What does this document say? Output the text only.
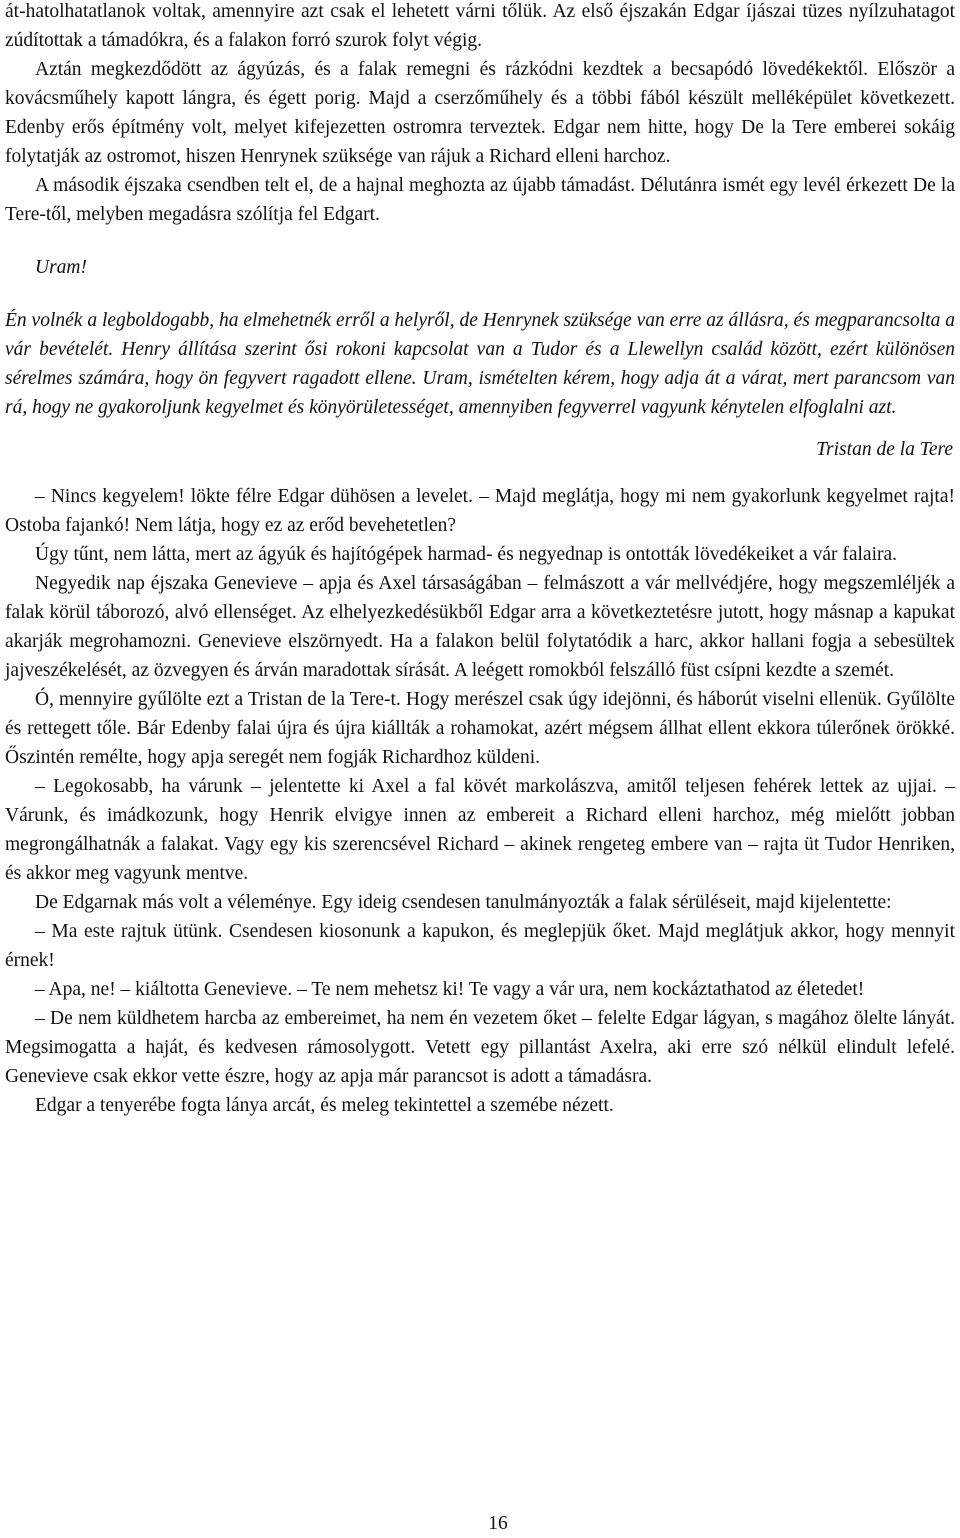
át-hatolhatatlanok voltak, amennyire azt csak el lehetett várni tőlük. Az első éjszakán Edgar íjászai tüzes nyílzuhatagot zúdítottak a támadókra, és a falakon forró szurok folyt végig.

Aztán megkezdődött az ágyúzás, és a falak remegni és rázkódni kezdtek a becsapódó lövedékektől. Először a kovácsműhely kapott lángra, és égett porig. Majd a cserzőműhely és a többi fából készült melléképület következett. Edenby erős építmény volt, melyet kifejezetten ostromra terveztek. Edgar nem hitte, hogy De la Tere emberei sokáig folytatják az ostromot, hiszen Henrynek szüksége van rájuk a Richard elleni harchoz.

A második éjszaka csendben telt el, de a hajnal meghozta az újabb támadást. Délutánra ismét egy levél érkezett De la Tere-től, melyben megadásra szólítja fel Edgart.

Uram!

Én volnék a legboldogabb, ha elmehetnék erről a helyről, de Henrynek szüksége van erre az állásra, és megparancsolta a vár bevételét. Henry állítása szerint ősi rokoni kapcsolat van a Tudor és a Llewellyn család között, ezért különösen sérelmes számára, hogy ön fegyvert ragadott ellene. Uram, ismételten kérem, hogy adja át a várat, mert parancsom van rá, hogy ne gyakoroljunk kegyelmet és könyörületességet, amennyiben fegyverrel vagyunk kénytelen elfoglalni azt.

Tristan de la Tere

– Nincs kegyelem! lökte félre Edgar dühösen a levelet. – Majd meglátja, hogy mi nem gyakorlunk kegyelmet rajta! Ostoba fajankó! Nem látja, hogy ez az erőd bevehetetlen?

Úgy tűnt, nem látta, mert az ágyúk és hajítógépek harmad- és negyednap is ontották lövedékeiket a vár falaira.

Negyedik nap éjszaka Genevieve – apja és Axel társaságában – felmászott a vár mellvédjére, hogy megszemléljék a falak körül táborozó, alvó ellenséget. Az elhelyezkedésükből Edgar arra a következtetésre jutott, hogy másnap a kapukat akarják megrohamozni. Genevieve elszörnyedt. Ha a falakon belül folytatódik a harc, akkor hallani fogja a sebesültek jajveszékelését, az özvegyen és árván maradottak sírását. A leégett romokból felszálló füst csípni kezdte a szemét.

Ó, mennyire gyűlölte ezt a Tristan de la Tere-t. Hogy merészel csak úgy idejönni, és háborút viselni ellenük. Gyűlölte és rettegett tőle. Bár Edenby falai újra és újra kiállták a rohamokat, azért mégsem állhat ellent ekkora túlerőnek örökké. Őszintén remélte, hogy apja seregét nem fogják Richardhoz küldeni.

– Legokosabb, ha várunk – jelentette ki Axel a fal kövét markolászva, amitől teljesen fehérek lettek az ujjai. – Várunk, és imádkozunk, hogy Henrik elvigye innen az embereit a Richard elleni harchoz, még mielőtt jobban megrongálhatnák a falakat. Vagy egy kis szerencsével Richard – akinek rengeteg embere van – rajta üt Tudor Henriken, és akkor meg vagyunk mentve.

De Edgarnak más volt a véleménye. Egy ideig csendesen tanulmányozták a falak sérüléseit, majd kijelentette:

– Ma este rajtuk ütünk. Csendesen kiosonunk a kapukon, és meglepjük őket. Majd meglátjuk akkor, hogy mennyit érnek!

– Apa, ne! – kiáltotta Genevieve. – Te nem mehetsz ki! Te vagy a vár ura, nem kockáztathatod az életedet!

– De nem küldhetem harcba az embereimet, ha nem én vezetem őket – felelte Edgar lágyan, s magához ölelte lányát. Megsimogatta a haját, és kedvesen rámosolygott. Vetett egy pillantást Axelra, aki erre szó nélkül elindult lefelé. Genevieve csak ekkor vette észre, hogy az apja már parancsot is adott a támadásra.

Edgar a tenyerébe fogta lánya arcát, és meleg tekintettel a szemébe nézett.

16
